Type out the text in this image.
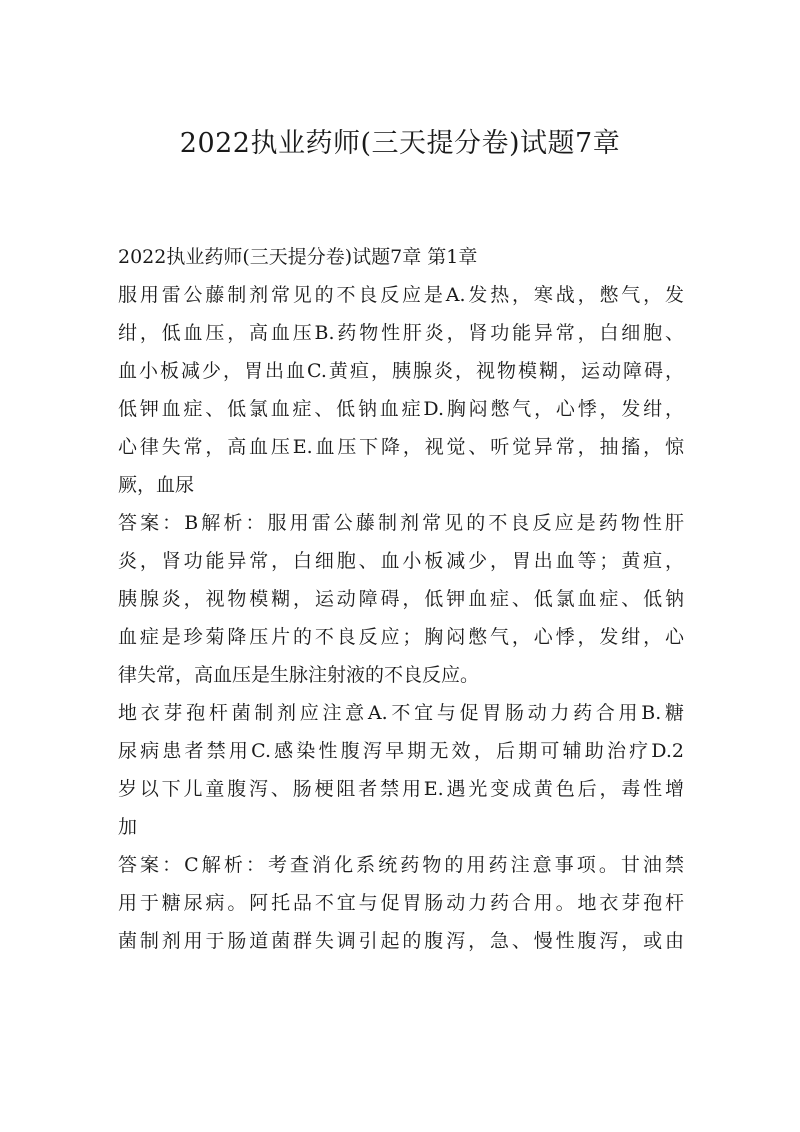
2022执业药师(三天提分卷)试题7章
2022执业药师(三天提分卷)试题7章 第1章
服用雷公藤制剂常见的不良反应是A.发热，寒战，憋气，发
绀，低血压，高血压B.药物性肝炎，肾功能异常，白细胞、
血小板减少，胃出血C.黄疸，胰腺炎，视物模糊，运动障碍，
低钾血症、低氯血症、低钠血症D.胸闷憋气，心悸，发绀，
心律失常，高血压E.血压下降，视觉、听觉异常，抽搐，惊
厥，血尿
答案：B解析：服用雷公藤制剂常见的不良反应是药物性肝
炎，肾功能异常，白细胞、血小板减少，胃出血等；黄疸，
胰腺炎，视物模糊，运动障碍，低钾血症、低氯血症、低钠
血症是珍菊降压片的不良反应；胸闷憋气，心悸，发绀，心
律失常，高血压是生脉注射液的不良反应。
地衣芽孢杆菌制剂应注意A.不宜与促胃肠动力药合用B.糖
尿病患者禁用C.感染性腹泻早期无效，后期可辅助治疗D.2
岁以下儿童腹泻、肠梗阻者禁用E.遇光变成黄色后，毒性增
加
答案：C解析：考查消化系统药物的用药注意事项。甘油禁
用于糖尿病。阿托品不宜与促胃肠动力药合用。地衣芽孢杆
菌制剂用于肠道菌群失调引起的腹泻，急、慢性腹泻，或由
